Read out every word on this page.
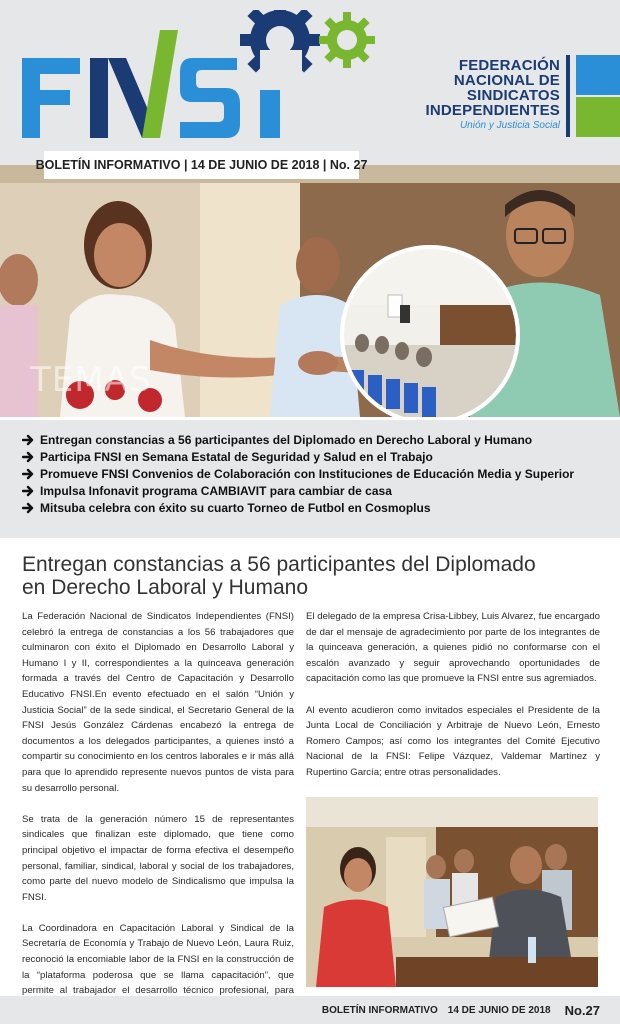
FEDERACIÓN
NACIONAL DE
SINDICATOS
INDEPENDIENTES
Unión y Justicia Social
BOLETÍN INFORMATIVO | 14 DE JUNIO DE 2018 | No. 27
TEMAS
Entregan constancias a 56 participantes del Diplomado en Derecho Laboral y Humano
Participa FNSI en Semana Estatal de Seguridad y Salud en el Trabajo
Promueve FNSI Convenios de Colaboración con Instituciones de Educación Media y Superior
Impulsa Infonavit programa CAMBIAVIT para cambiar de casa
Mitsuba celebra con éxito su cuarto Torneo de Futbol en Cosmoplus
Entregan constancias a 56 participantes del Diplomado
en Derecho Laboral y Humano

La Federación Nacional de Sindicatos Independientes (FNSI) celebró la entrega de constancias a los 56 trabajadores que culminaron con éxito el Diplomado en Desarrollo Laboral y Humano I y II, correspondientes a la quinceava generación formada a través del Centro de Capacitación y Desarrollo Educativo FNSI.En evento efectuado en el salón “Unión y Justicia Social” de la sede sindical, el Secretario General de la FNSI Jesús González Cárdenas encabezó la entrega de documentos a los delegados participantes, a quienes instó a compartir su conocimiento en los centros laborales e ir más allá para que lo aprendido represente nuevos puntos de vista para su desarrollo personal.

Se trata de la generación número 15 de representantes sindicales que finalizan este diplomado, que tiene como principal objetivo el impactar de forma efectiva el desempeño personal, familiar, sindical, laboral y social de los trabajadores, como parte del nuevo modelo de Sindicalismo que impulsa la FNSI.

La Coordinadora en Capacitación Laboral y Sindical de la Secretaría de Economía y Trabajo de Nuevo León, Laura Ruiz, reconoció la encomiable labor de la FNSI en la construcción de la “plataforma poderosa que se llama capacitación”, que permite al trabajador el desarrollo técnico profesional, para

El delegado de la empresa Crisa-Libbey, Luis Alvarez, fue encargado de dar el mensaje de agradecimiento por parte de los integrantes de la quinceava generación, a quienes pidió no conformarse con el escalón avanzado y seguir aprovechando oportunidades de capacitación como las que promueve la FNSI entre sus agremiados.

Al evento acudieron como invitados especiales el Presidente de la Junta Local de Conciliación y Arbitraje de Nuevo León, Ernesto Romero Campos; así como los integrantes del Comité Ejecutivo Nacional de la FNSI: Felipe Vázquez, Valdemar Martínez y Rupertino García; entre otras personalidades.

BOLETÍN INFORMATIVO 14 DE JUNIO DE 2018 No.27
